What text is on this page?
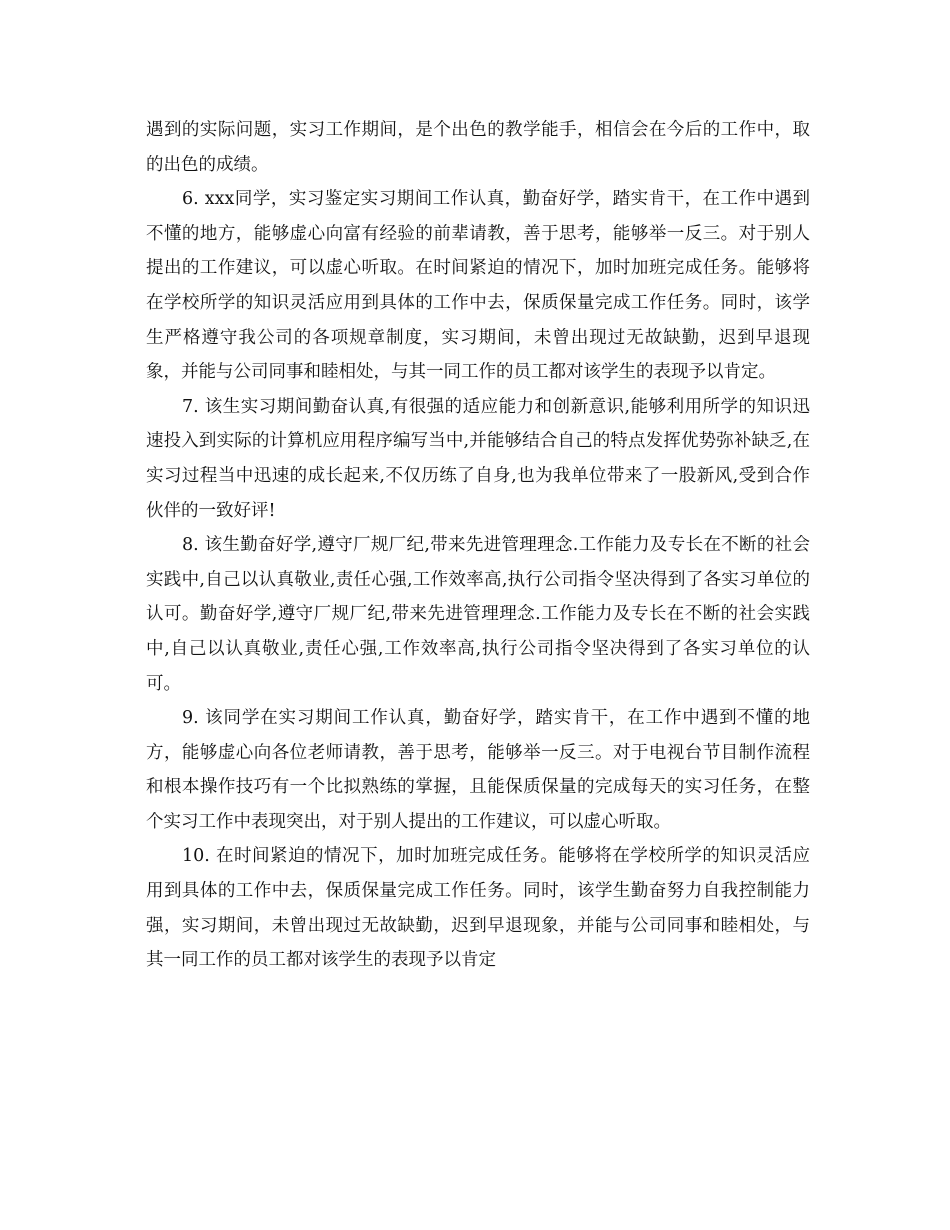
遇到的实际问题，实习工作期间，是个出色的教学能手，相信会在今后的工作中，取的出色的成绩。

6. xxx同学，实习鉴定实习期间工作认真，勤奋好学，踏实肯干，在工作中遇到不懂的地方，能够虚心向富有经验的前辈请教，善于思考，能够举一反三。对于别人提出的工作建议，可以虚心听取。在时间紧迫的情况下，加时加班完成任务。能够将在学校所学的知识灵活应用到具体的工作中去，保质保量完成工作任务。同时，该学生严格遵守我公司的各项规章制度，实习期间，未曾出现过无故缺勤，迟到早退现象，并能与公司同事和睦相处，与其一同工作的员工都对该学生的表现予以肯定。

7. 该生实习期间勤奋认真,有很强的适应能力和创新意识,能够利用所学的知识迅速投入到实际的计算机应用程序编写当中,并能够结合自己的特点发挥优势弥补缺乏,在实习过程当中迅速的成长起来,不仅历练了自身,也为我单位带来了一股新风,受到合作伙伴的一致好评!

8. 该生勤奋好学,遵守厂规厂纪,带来先进管理理念.工作能力及专长在不断的社会实践中,自己以认真敬业,责任心强,工作效率高,执行公司指令坚决得到了各实习单位的认可。勤奋好学,遵守厂规厂纪,带来先进管理理念.工作能力及专长在不断的社会实践中,自己以认真敬业,责任心强,工作效率高,执行公司指令坚决得到了各实习单位的认可。

9. 该同学在实习期间工作认真，勤奋好学，踏实肯干，在工作中遇到不懂的地方，能够虚心向各位老师请教，善于思考，能够举一反三。对于电视台节目制作流程和根本操作技巧有一个比拟熟练的掌握，且能保质保量的完成每天的实习任务，在整个实习工作中表现突出，对于别人提出的工作建议，可以虚心听取。

10. 在时间紧迫的情况下，加时加班完成任务。能够将在学校所学的知识灵活应用到具体的工作中去，保质保量完成工作任务。同时，该学生勤奋努力自我控制能力强，实习期间，未曾出现过无故缺勤，迟到早退现象，并能与公司同事和睦相处，与其一同工作的员工都对该学生的表现予以肯定
